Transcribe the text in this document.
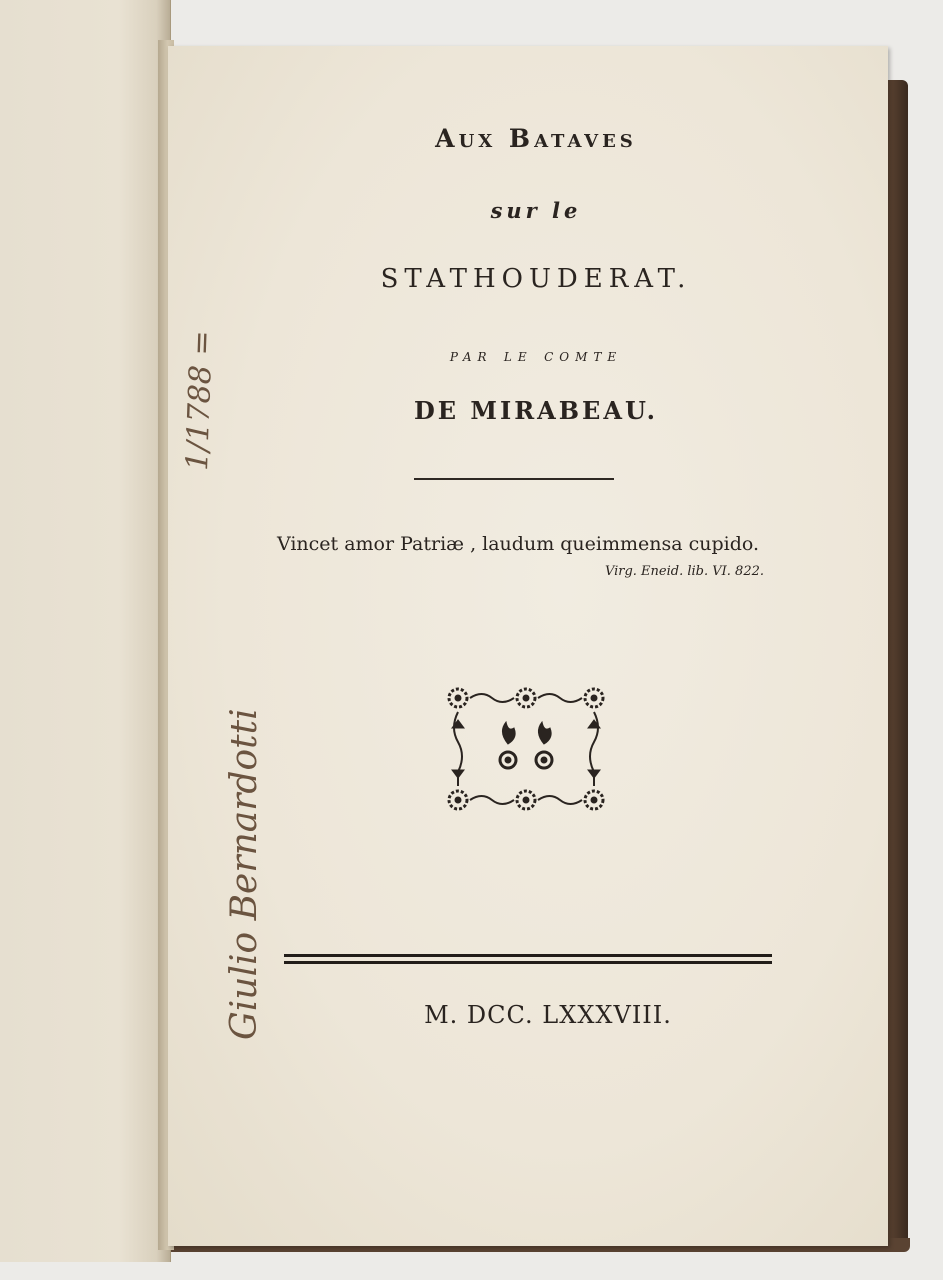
Aux Bataves
sur le
STATHOUDERAT.
par le comte
DE MIRABEAU.
Vincet amor Patriæ , laudum queimmensa cupido.
Virg. Eneid. lib. VI. 822.
M. DCC. LXXXVIII.
Giulio Bernardotti
1/1788 =
